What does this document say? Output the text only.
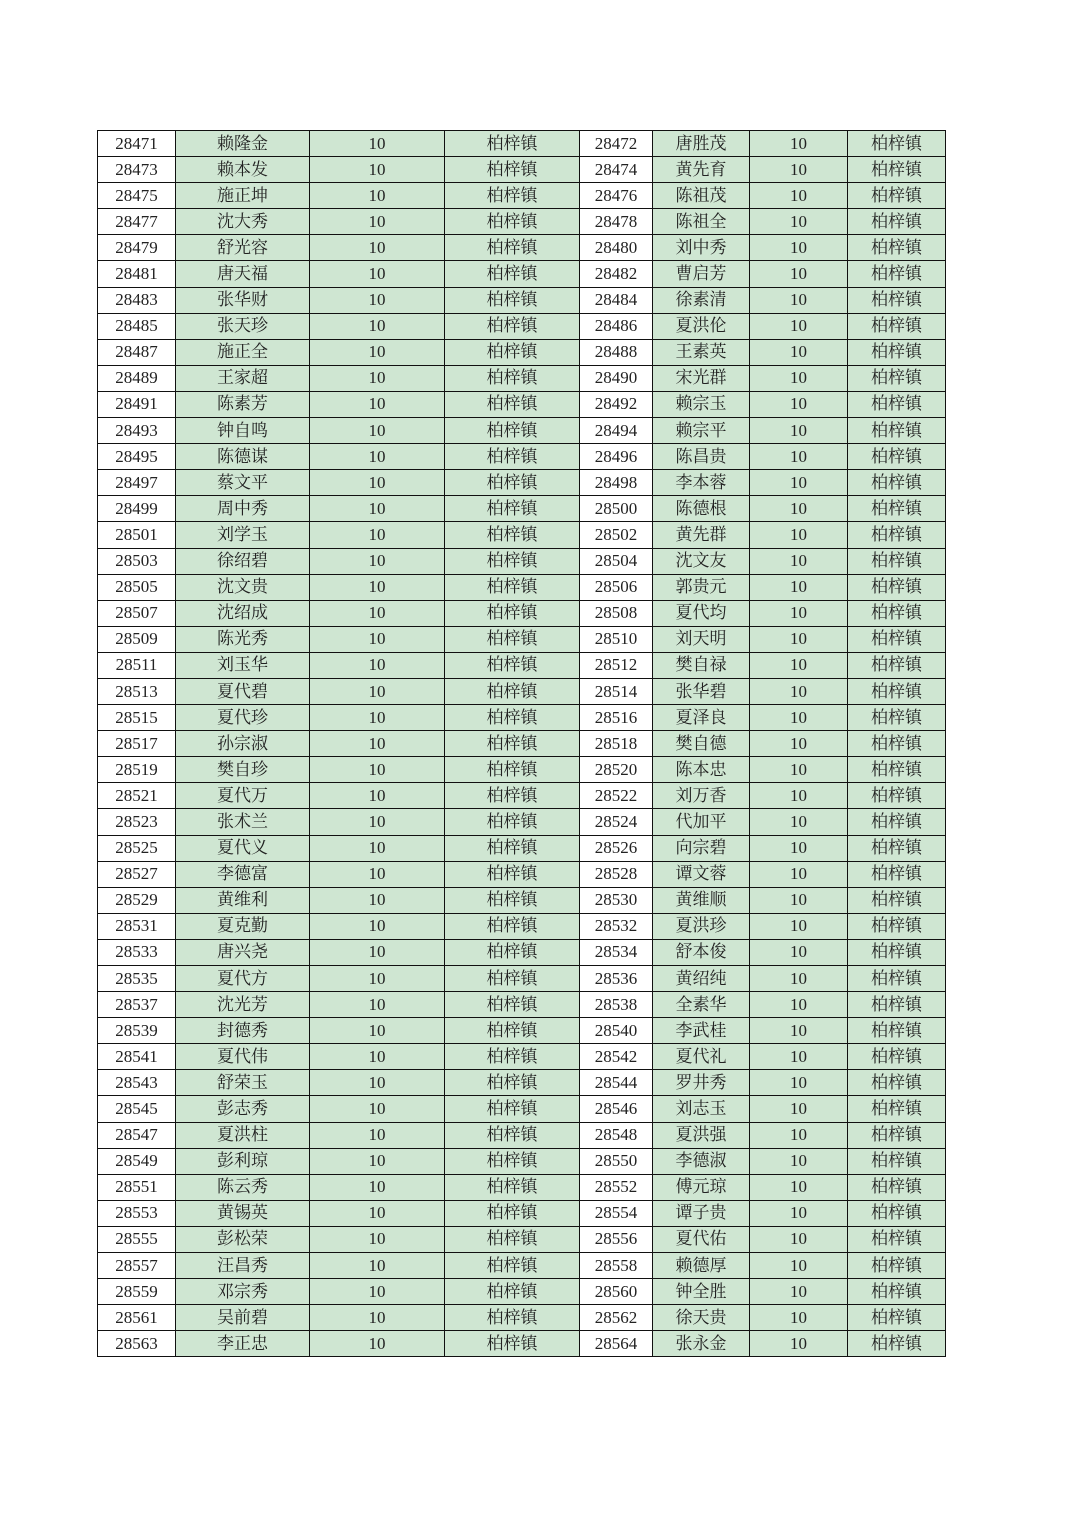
28471	赖隆金	10	柏梓镇	28472	唐胜茂	10	柏梓镇
28473	赖本发	10	柏梓镇	28474	黄先育	10	柏梓镇
28475	施正坤	10	柏梓镇	28476	陈祖茂	10	柏梓镇
28477	沈大秀	10	柏梓镇	28478	陈祖全	10	柏梓镇
28479	舒光容	10	柏梓镇	28480	刘中秀	10	柏梓镇
28481	唐天福	10	柏梓镇	28482	曹启芳	10	柏梓镇
28483	张华财	10	柏梓镇	28484	徐素清	10	柏梓镇
28485	张天珍	10	柏梓镇	28486	夏洪伦	10	柏梓镇
28487	施正全	10	柏梓镇	28488	王素英	10	柏梓镇
28489	王家超	10	柏梓镇	28490	宋光群	10	柏梓镇
28491	陈素芳	10	柏梓镇	28492	赖宗玉	10	柏梓镇
28493	钟自鸣	10	柏梓镇	28494	赖宗平	10	柏梓镇
28495	陈德谋	10	柏梓镇	28496	陈昌贵	10	柏梓镇
28497	蔡文平	10	柏梓镇	28498	李本蓉	10	柏梓镇
28499	周中秀	10	柏梓镇	28500	陈德根	10	柏梓镇
28501	刘学玉	10	柏梓镇	28502	黄先群	10	柏梓镇
28503	徐绍碧	10	柏梓镇	28504	沈文友	10	柏梓镇
28505	沈文贵	10	柏梓镇	28506	郭贵元	10	柏梓镇
28507	沈绍成	10	柏梓镇	28508	夏代均	10	柏梓镇
28509	陈光秀	10	柏梓镇	28510	刘天明	10	柏梓镇
28511	刘玉华	10	柏梓镇	28512	樊自禄	10	柏梓镇
28513	夏代碧	10	柏梓镇	28514	张华碧	10	柏梓镇
28515	夏代珍	10	柏梓镇	28516	夏泽良	10	柏梓镇
28517	孙宗淑	10	柏梓镇	28518	樊自德	10	柏梓镇
28519	樊自珍	10	柏梓镇	28520	陈本忠	10	柏梓镇
28521	夏代万	10	柏梓镇	28522	刘万香	10	柏梓镇
28523	张术兰	10	柏梓镇	28524	代加平	10	柏梓镇
28525	夏代义	10	柏梓镇	28526	向宗碧	10	柏梓镇
28527	李德富	10	柏梓镇	28528	谭文蓉	10	柏梓镇
28529	黄维利	10	柏梓镇	28530	黄维顺	10	柏梓镇
28531	夏克勤	10	柏梓镇	28532	夏洪珍	10	柏梓镇
28533	唐兴尧	10	柏梓镇	28534	舒本俊	10	柏梓镇
28535	夏代方	10	柏梓镇	28536	黄绍纯	10	柏梓镇
28537	沈光芳	10	柏梓镇	28538	全素华	10	柏梓镇
28539	封德秀	10	柏梓镇	28540	李武桂	10	柏梓镇
28541	夏代伟	10	柏梓镇	28542	夏代礼	10	柏梓镇
28543	舒荣玉	10	柏梓镇	28544	罗井秀	10	柏梓镇
28545	彭志秀	10	柏梓镇	28546	刘志玉	10	柏梓镇
28547	夏洪柱	10	柏梓镇	28548	夏洪强	10	柏梓镇
28549	彭利琼	10	柏梓镇	28550	李德淑	10	柏梓镇
28551	陈云秀	10	柏梓镇	28552	傅元琼	10	柏梓镇
28553	黄锡英	10	柏梓镇	28554	谭子贵	10	柏梓镇
28555	彭松荣	10	柏梓镇	28556	夏代佑	10	柏梓镇
28557	汪昌秀	10	柏梓镇	28558	赖德厚	10	柏梓镇
28559	邓宗秀	10	柏梓镇	28560	钟全胜	10	柏梓镇
28561	吴前碧	10	柏梓镇	28562	徐天贵	10	柏梓镇
28563	李正忠	10	柏梓镇	28564	张永金	10	柏梓镇
